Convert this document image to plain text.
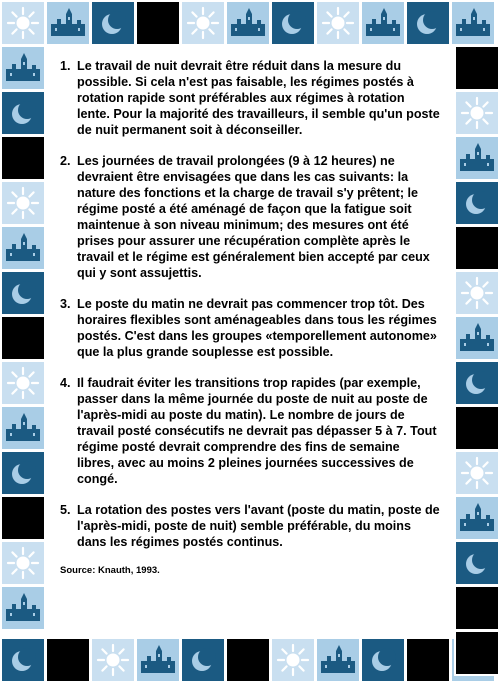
1. Le travail de nuit devrait être réduit dans la mesure du possible. Si cela n'est pas faisable, les régimes postés à rotation rapide sont préférables aux régimes à rotation lente. Pour la majorité des travailleurs, il semble qu'un poste de nuit permanent soit à déconseiller.
2. Les journées de travail prolongées (9 à 12 heures) ne devraient être envisagées que dans les cas suivants: la nature des fonctions et la charge de travail s'y prêtent; le régime posté a été aménagé de façon que la fatigue soit maintenue à son niveau minimum; des mesures ont été prises pour assurer une récupération complète après le travail et le régime est généralement bien accepté par ceux qui y sont assujettis.
3. Le poste du matin ne devrait pas commencer trop tôt. Des horaires flexibles sont aménageables dans tous les régimes postés. C'est dans les groupes «temporellement autonome» que la plus grande souplesse est possible.
4. Il faudrait éviter les transitions trop rapides (par exemple, passer dans la même journée du poste de nuit au poste de l'après-midi au poste du matin). Le nombre de jours de travail posté consécutifs ne devrait pas dépasser 5 à 7. Tout régime posté devrait comprendre des fins de semaine libres, avec au moins 2 pleines journées successives de congé.
5. La rotation des postes vers l'avant (poste du matin, poste de l'après-midi, poste de nuit) semble préférable, du moins dans les régimes postés continus.
Source: Knauth, 1993.
